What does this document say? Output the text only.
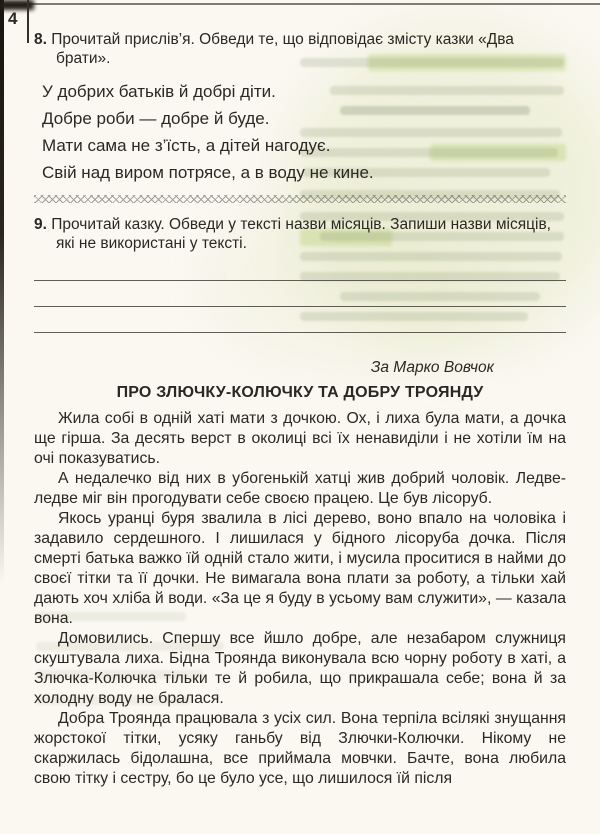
4

8. Прочитай прислів’я. Обведи те, що відповідає змісту казки «Два брати».

У добрих батьків й добрі діти.
Добре роби — добре й буде.
Мати сама не з’їсть, а дітей нагодує.
Свій над виром потрясе, а в воду не кине.

9. Прочитай казку. Обведи у тексті назви місяців. Запиши назви місяців, які не використані у тексті.

За Марко Вовчок

ПРО ЗЛЮЧКУ-КОЛЮЧКУ ТА ДОБРУ ТРОЯНДУ

Жила собі в одній хаті мати з дочкою. Ох, і лиха була мати, а дочка ще гірша. За десять верст в околиці всі їх ненавиділи і не хотіли їм на очі показуватись.

А недалечко від них в убогенькій хатці жив добрий чоловік. Ледве-ледве міг він прогодувати себе своєю працею. Це був лісоруб.

Якось уранці буря звалила в лісі дерево, воно впало на чоловіка і задавило сердешного. І лишилася у бідного лісоруба дочка. Після смерті батька важко їй одній стало жити, і мусила проситися в найми до своєї тітки та її дочки. Не вимагала вона плати за роботу, а тільки хай дають хоч хліба й води. «За це я буду в усьому вам служити», — казала вона.

Домовились. Спершу все йшло добре, але незабаром служниця скуштувала лиха. Бідна Троянда виконувала всю чорну роботу в хаті, а Злючка-Колючка тільки те й робила, що прикрашала себе; вона й за холодну воду не бралася.

Добра Троянда працювала з усіх сил. Вона терпіла всілякі знущання жорстокої тітки, усяку ганьбу від Злючки-Колючки. Нікому не скаржилась бідолашна, все приймала мовчки. Бачте, вона любила свою тітку і сестру, бо це було усе, що лишилося їй після
